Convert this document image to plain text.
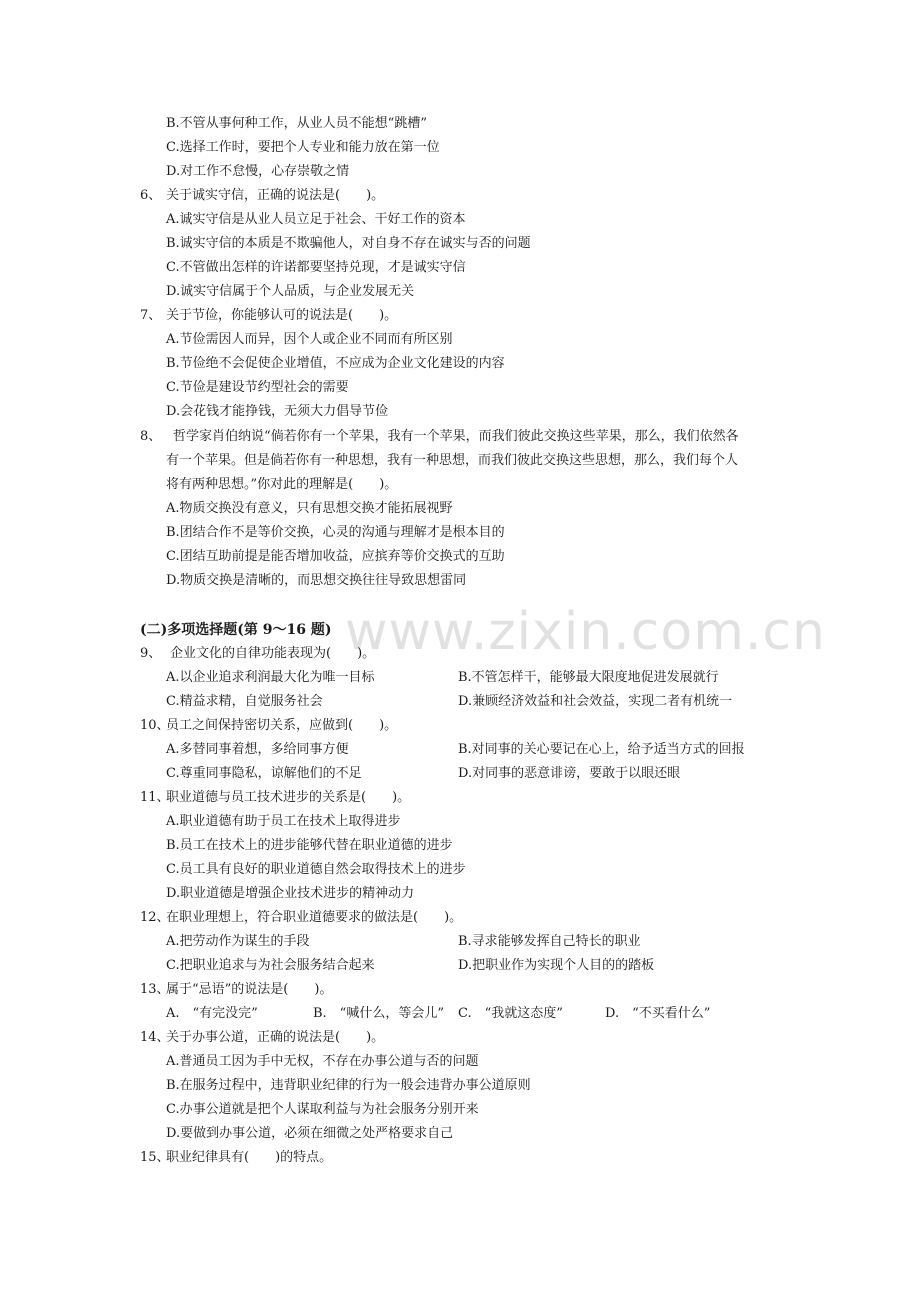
www.zixin.com.cn
B.不管从事何种工作，从业人员不能想“跳槽”
C.选择工作时，要把个人专业和能力放在第一位
D.对工作不怠慢，心存崇敬之情
6、 关于诚实守信，正确的说法是(　　)。
A.诚实守信是从业人员立足于社会、干好工作的资本
B.诚实守信的本质是不欺骗他人，对自身不存在诚实与否的问题
C.不管做出怎样的许诺都要坚持兑现，才是诚实守信
D.诚实守信属于个人品质，与企业发展无关
7、 关于节俭，你能够认可的说法是(　　)。
A.节俭需因人而异，因个人或企业不同而有所区别
B.节俭绝不会促使企业增值，不应成为企业文化建设的内容
C.节俭是建设节约型社会的需要
D.会花钱才能挣钱，无须大力倡导节俭
8、 哲学家肖伯纳说“倘若你有一个苹果，我有一个苹果，而我们彼此交换这些苹果，那么，我们依然各
有一个苹果。但是倘若你有一种思想，我有一种思想，而我们彼此交换这些思想，那么，我们每个人
将有两种思想。”你对此的理解是(　　)。
A.物质交换没有意义，只有思想交换才能拓展视野
B.团结合作不是等价交换，心灵的沟通与理解才是根本目的
C.团结互助前提是能否增加收益，应摈弃等价交换式的互助
D.物质交换是清晰的，而思想交换往往导致思想雷同
(二)多项选择题(第 9～16 题)
9、 企业文化的自律功能表现为(　　)。
A.以企业追求利润最大化为唯一目标	B.不管怎样干，能够最大限度地促进发展就行
C.精益求精，自觉服务社会	D.兼顾经济效益和社会效益，实现二者有机统一
10、
员工之间保持密切关系，应做到(　　)。
A.多替同事着想，多给同事方便	B.对同事的关心要记在心上，给予适当方式的回报
C.尊重同事隐私，谅解他们的不足	D.对同事的恶意诽谤，要敢于以眼还眼
11、
职业道德与员工技术进步的关系是(　　)。
A.职业道德有助于员工在技术上取得进步
B.员工在技术上的进步能够代替在职业道德的进步
C.员工具有良好的职业道德自然会取得技术上的进步
D.职业道德是增强企业技术进步的精神动力
12、
在职业理想上，符合职业道德要求的做法是(　　)。
A.把劳动作为谋生的手段	B.寻求能够发挥自己特长的职业
C.把职业追求与为社会服务结合起来	D.把职业作为实现个人目的的踏板
13、
属于“忌语”的说法是(　　)。
A.　“有完没完”	B.　“喊什么，等会儿” C.　“我就这态度”	D.　“不买看什么”
14、
关于办事公道，正确的说法是(　　)。
A.普通员工因为手中无权，不存在办事公道与否的问题
B.在服务过程中，违背职业纪律的行为一般会违背办事公道原则
C.办事公道就是把个人谋取利益与为社会服务分别开来
D.要做到办事公道，必须在细微之处严格要求自己
15、
职业纪律具有(　　)的特点。
